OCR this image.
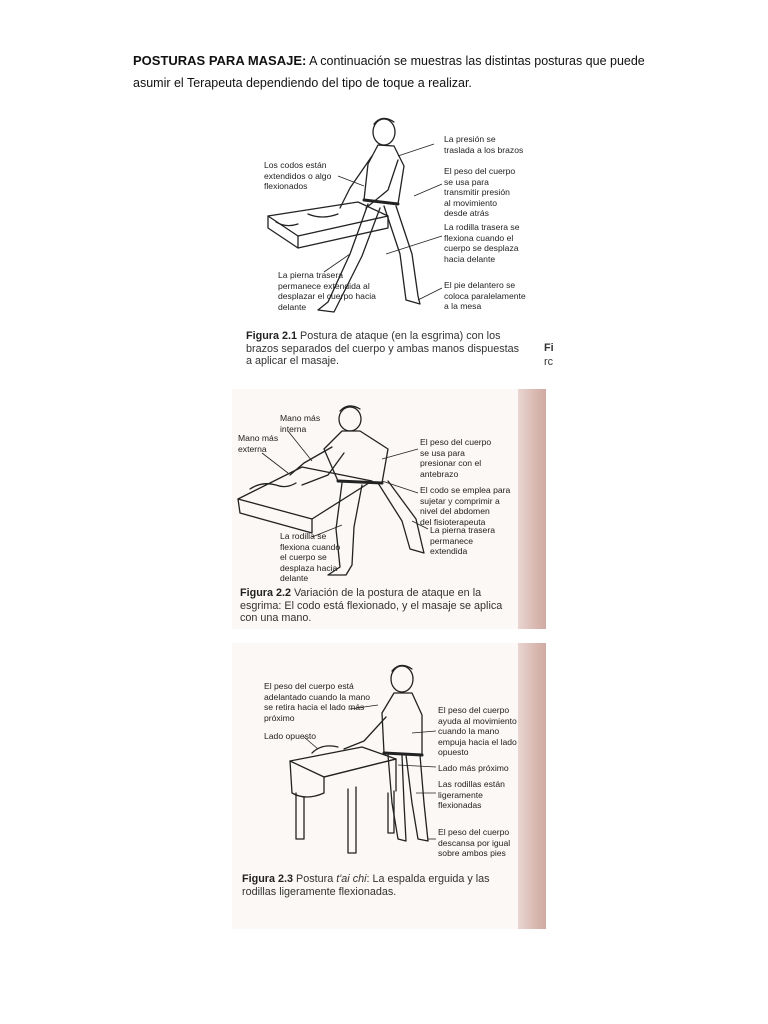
POSTURAS PARA MASAJE: A continuación se muestras las distintas posturas que puede asumir el Terapeuta dependiendo del tipo de toque a realizar.
Los codos están
extendidos o algo
flexionados
La presión se
traslada a los brazos
El peso del cuerpo
se usa para
transmitir presión
al movimiento
desde atrás
La rodilla trasera se
flexiona cuando el
cuerpo se desplaza
hacia delante
La pierna trasera
permanece extendida al
desplazar el cuerpo hacia
delante
El pie delantero se
coloca paralelamente
a la mesa
Figura 2.1 Postura de ataque (en la esgrima) con los brazos separados del cuerpo y ambas manos dispuestas a aplicar el masaje.
Fi
rc
Mano más
interna
Mano más
externa
El peso del cuerpo
se usa para
presionar con el
antebrazo
El codo se emplea para
sujetar y comprimir a
nivel del abdomen
del fisioterapeuta
La pierna trasera
permanece
extendida
La rodilla se
flexiona cuando
el cuerpo se
desplaza hacia
delante
Figura 2.2 Variación de la postura de ataque en la esgrima: El codo está flexionado, y el masaje se aplica con una mano.
El peso del cuerpo está
adelantado cuando la mano
se retira hacia el lado más
próximo
Lado opuesto
El peso del cuerpo
ayuda al movimiento
cuando la mano
empuja hacia el lado
opuesto
Lado más próximo
Las rodillas están
ligeramente
flexionadas
El peso del cuerpo
descansa por igual
sobre ambos pies
Figura 2.3 Postura t'ai chi: La espalda erguida y las rodillas ligeramente flexionadas.
